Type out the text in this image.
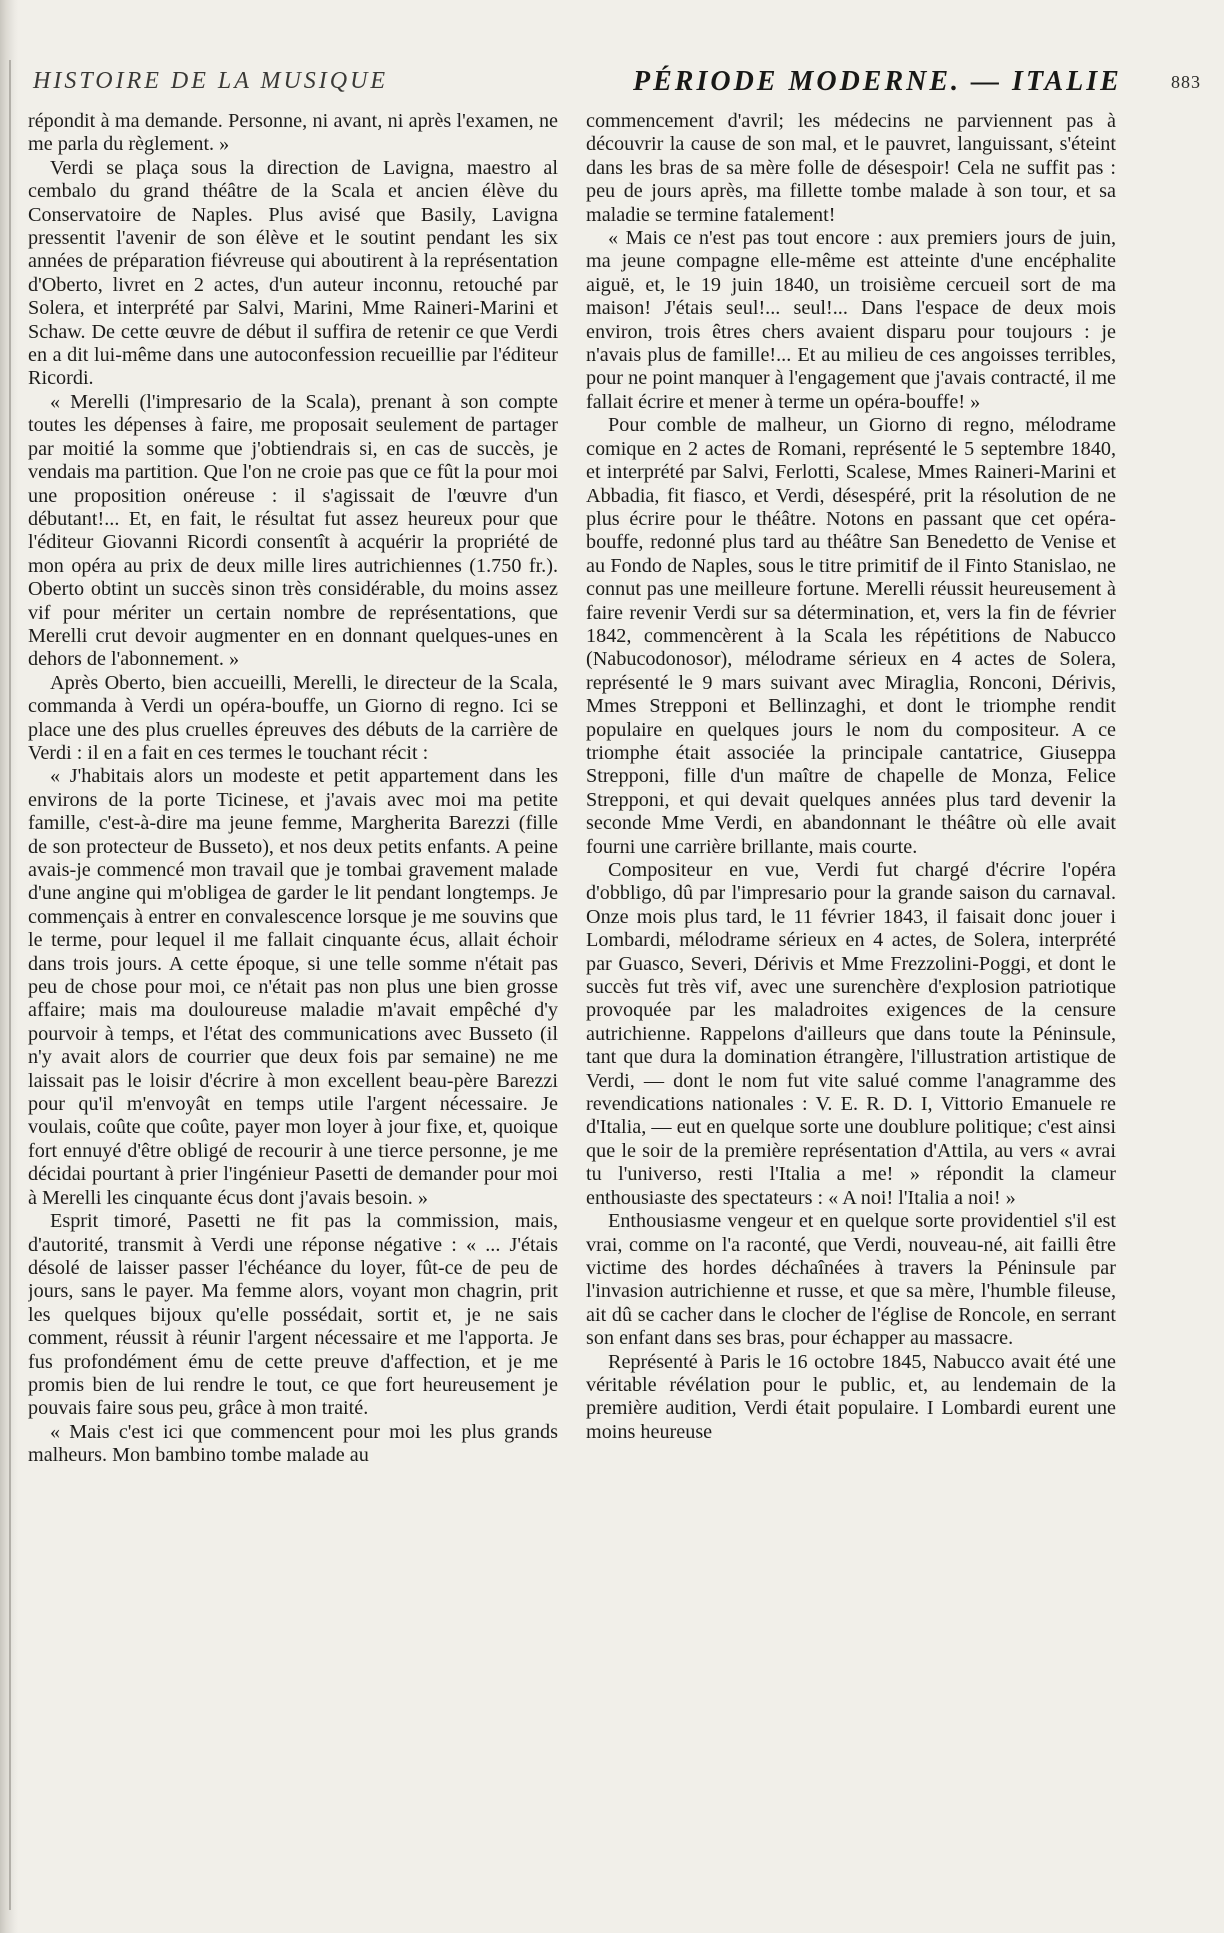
HISTOIRE DE LA MUSIQUE	PÉRIODE MODERNE. — ITALIE	883

répondit à ma demande. Personne, ni avant, ni après l'examen, ne me parla du règlement. »

Verdi se plaça sous la direction de Lavigna, maestro al cembalo du grand théâtre de la Scala et ancien élève du Conservatoire de Naples. Plus avisé que Basily, Lavigna pressentit l'avenir de son élève et le soutint pendant les six années de préparation fiévreuse qui aboutirent à la représentation d'Oberto, livret en 2 actes, d'un auteur inconnu, retouché par Solera, et interprété par Salvi, Marini, Mme Raineri-Marini et Schaw. De cette œuvre de début il suffira de retenir ce que Verdi en a dit lui-même dans une autoconfession recueillie par l'éditeur Ricordi.

« Merelli (l'impresario de la Scala), prenant à son compte toutes les dépenses à faire, me proposait seulement de partager par moitié la somme que j'obtiendrais si, en cas de succès, je vendais ma partition. Que l'on ne croie pas que ce fût la pour moi une proposition onéreuse : il s'agissait de l'œuvre d'un débutant!... Et, en fait, le résultat fut assez heureux pour que l'éditeur Giovanni Ricordi consentît à acquérir la propriété de mon opéra au prix de deux mille lires autrichiennes (1.750 fr.). Oberto obtint un succès sinon très considérable, du moins assez vif pour mériter un certain nombre de représentations, que Merelli crut devoir augmenter en en donnant quelques-unes en dehors de l'abonnement. »

Après Oberto, bien accueilli, Merelli, le directeur de la Scala, commanda à Verdi un opéra-bouffe, un Giorno di regno. Ici se place une des plus cruelles épreuves des débuts de la carrière de Verdi : il en a fait en ces termes le touchant récit :

« J'habitais alors un modeste et petit appartement dans les environs de la porte Ticinese, et j'avais avec moi ma petite famille, c'est-à-dire ma jeune femme, Margherita Barezzi (fille de son protecteur de Busseto), et nos deux petits enfants. A peine avais-je commencé mon travail que je tombai gravement malade d'une angine qui m'obligea de garder le lit pendant longtemps. Je commençais à entrer en convalescence lorsque je me souvins que le terme, pour lequel il me fallait cinquante écus, allait échoir dans trois jours. A cette époque, si une telle somme n'était pas peu de chose pour moi, ce n'était pas non plus une bien grosse affaire; mais ma douloureuse maladie m'avait empêché d'y pourvoir à temps, et l'état des communications avec Busseto (il n'y avait alors de courrier que deux fois par semaine) ne me laissait pas le loisir d'écrire à mon excellent beau-père Barezzi pour qu'il m'envoyât en temps utile l'argent nécessaire. Je voulais, coûte que coûte, payer mon loyer à jour fixe, et, quoique fort ennuyé d'être obligé de recourir à une tierce personne, je me décidai pourtant à prier l'ingénieur Pasetti de demander pour moi à Merelli les cinquante écus dont j'avais besoin. »

Esprit timoré, Pasetti ne fit pas la commission, mais, d'autorité, transmit à Verdi une réponse négative : « ... J'étais désolé de laisser passer l'échéance du loyer, fût-ce de peu de jours, sans le payer. Ma femme alors, voyant mon chagrin, prit les quelques bijoux qu'elle possédait, sortit et, je ne sais comment, réussit à réunir l'argent nécessaire et me l'apporta. Je fus profondément ému de cette preuve d'affection, et je me promis bien de lui rendre le tout, ce que fort heureusement je pouvais faire sous peu, grâce à mon traité.

« Mais c'est ici que commencent pour moi les plus grands malheurs. Mon bambino tombe malade au

commencement d'avril; les médecins ne parviennent pas à découvrir la cause de son mal, et le pauvret, languissant, s'éteint dans les bras de sa mère folle de désespoir! Cela ne suffit pas : peu de jours après, ma fillette tombe malade à son tour, et sa maladie se termine fatalement!

« Mais ce n'est pas tout encore : aux premiers jours de juin, ma jeune compagne elle-même est atteinte d'une encéphalite aiguë, et, le 19 juin 1840, un troisième cercueil sort de ma maison! J'étais seul!... seul!... Dans l'espace de deux mois environ, trois êtres chers avaient disparu pour toujours : je n'avais plus de famille!... Et au milieu de ces angoisses terribles, pour ne point manquer à l'engagement que j'avais contracté, il me fallait écrire et mener à terme un opéra-bouffe! »

Pour comble de malheur, un Giorno di regno, mélodrame comique en 2 actes de Romani, représenté le 5 septembre 1840, et interprété par Salvi, Ferlotti, Scalese, Mmes Raineri-Marini et Abbadia, fit fiasco, et Verdi, désespéré, prit la résolution de ne plus écrire pour le théâtre. Notons en passant que cet opéra-bouffe, redonné plus tard au théâtre San Benedetto de Venise et au Fondo de Naples, sous le titre primitif de il Finto Stanislao, ne connut pas une meilleure fortune. Merelli réussit heureusement à faire revenir Verdi sur sa détermination, et, vers la fin de février 1842, commencèrent à la Scala les répétitions de Nabucco (Nabucodonosor), mélodrame sérieux en 4 actes de Solera, représenté le 9 mars suivant avec Miraglia, Ronconi, Dérivis, Mmes Strepponi et Bellinzaghi, et dont le triomphe rendit populaire en quelques jours le nom du compositeur. A ce triomphe était associée la principale cantatrice, Giuseppa Strepponi, fille d'un maître de chapelle de Monza, Felice Strepponi, et qui devait quelques années plus tard devenir la seconde Mme Verdi, en abandonnant le théâtre où elle avait fourni une carrière brillante, mais courte.

Compositeur en vue, Verdi fut chargé d'écrire l'opéra d'obbligo, dû par l'impresario pour la grande saison du carnaval. Onze mois plus tard, le 11 février 1843, il faisait donc jouer i Lombardi, mélodrame sérieux en 4 actes, de Solera, interprété par Guasco, Severi, Dérivis et Mme Frezzolini-Poggi, et dont le succès fut très vif, avec une surenchère d'explosion patriotique provoquée par les maladroites exigences de la censure autrichienne. Rappelons d'ailleurs que dans toute la Péninsule, tant que dura la domination étrangère, l'illustration artistique de Verdi, — dont le nom fut vite salué comme l'anagramme des revendications nationales : V. E. R. D. I, Vittorio Emanuele re d'Italia, — eut en quelque sorte une doublure politique; c'est ainsi que le soir de la première représentation d'Attila, au vers « avrai tu l'universo, resti l'Italia a me! » répondit la clameur enthousiaste des spectateurs : « A noi! l'Italia a noi! »

Enthousiasme vengeur et en quelque sorte providentiel s'il est vrai, comme on l'a raconté, que Verdi, nouveau-né, ait failli être victime des hordes déchaînées à travers la Péninsule par l'invasion autrichienne et russe, et que sa mère, l'humble fileuse, ait dû se cacher dans le clocher de l'église de Roncole, en serrant son enfant dans ses bras, pour échapper au massacre.

Représenté à Paris le 16 octobre 1845, Nabucco avait été une véritable révélation pour le public, et, au lendemain de la première audition, Verdi était populaire. I Lombardi eurent une moins heureuse
